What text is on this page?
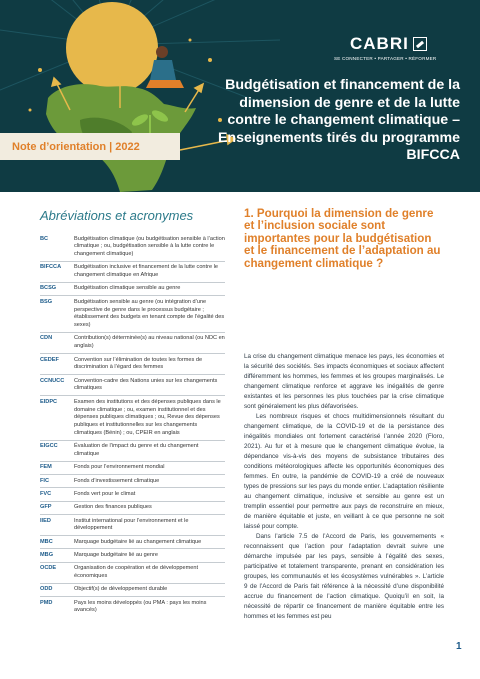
CABRI
SE CONNECTER • PARTAGER • RÉFORMER
Budgétisation et financement de la dimension de genre et de la lutte contre le changement climatique – Enseignements tirés du programme BIFCCA
Note d’orientation | 2022
Abréviations et acronymes
BC	Budgétisation climatique (ou budgétisation sensible à l’action climatique ; ou, budgétisation sensible à la lutte contre le changement climatique)
BIFCCA	Budgétisation inclusive et financement de la lutte contre le changement climatique en Afrique
BCSG	Budgétisation climatique sensible au genre
BSG	Budgétisation sensible au genre (ou intégration d’une perspective de genre dans le processus budgétaire ; établissement des budgets en tenant compte de l’égalité des sexes)
CDN	Contribution(s) déterminée(s) au niveau national (ou NDC en anglais)
CEDEF	Convention sur l’élimination de toutes les formes de discrimination à l’égard des femmes
CCNUCC	Convention-cadre des Nations unies sur les changements climatiques
EIDPC	Examen des institutions et des dépenses publiques dans le domaine climatique ; ou, examen institutionnel et des dépenses publiques climatiques ; ou, Revue des dépenses publiques et institutionnelles sur les changements climatiques (Bénin) ; ou, CPEIR en anglais
EIGCC	Évaluation de l’impact du genre et du changement climatique
FEM	Fonds pour l’environnement mondial
FIC	Fonds d’investissement climatique
FVC	Fonds vert pour le climat
GFP	Gestion des finances publiques
IIED	Institut international pour l’environnement et le développement
MBC	Marquage budgétaire lié au changement climatique
MBG	Marquage budgétaire lié au genre
OCDE	Organisation de coopération et de développement économiques
ODD	Objectif(s) de développement durable
PMD	Pays les moins développés (ou PMA : pays les moins avancés)
1. Pourquoi la dimension de genre et l’inclusion sociale sont importantes pour la budgétisation et le financement de l’adaptation au changement climatique ?

La crise du changement climatique menace les pays, les économies et la sécurité des sociétés. Ses impacts économiques et sociaux affectent différemment les hommes, les femmes et les groupes marginalisés. Le changement climatique renforce et aggrave les inégalités de genre existantes et les personnes les plus touchées par la crise climatique sont généralement les plus défavorisées.

Les nombreux risques et chocs multidimensionnels résultant du changement climatique, de la COVID-19 et de la persistance des inégalités mondiales ont fortement caractérisé l’année 2020 (Floro, 2021). Au fur et à mesure que le changement climatique évolue, la dépendance vis-à-vis des moyens de subsistance tributaires des conditions météorologiques affecte les opportunités économiques des femmes. En outre, la pandémie de COVID-19 a créé de nouveaux types de pressions sur les pays du monde entier. L’adaptation résiliente au changement climatique, inclusive et sensible au genre est un tremplin essentiel pour permettre aux pays de reconstruire en mieux, de manière équitable et juste, en veillant à ce que personne ne soit laissé pour compte.

Dans l’article 7.5 de l’Accord de Paris, les gouvernements « reconnaissent que l’action pour l’adaptation devrait suivre une démarche impulsée par les pays, sensible à l’égalité des sexes, participative et totalement transparente, prenant en considération les groupes, les communautés et les écosystèmes vulnérables ». L’article 9 de l’Accord de Paris fait référence à la nécessité d’une disponibilité accrue du financement de l’action climatique. Quoiqu’il en soit, la nécessité de répartir ce financement de manière équitable entre les hommes et les femmes est peu

1
